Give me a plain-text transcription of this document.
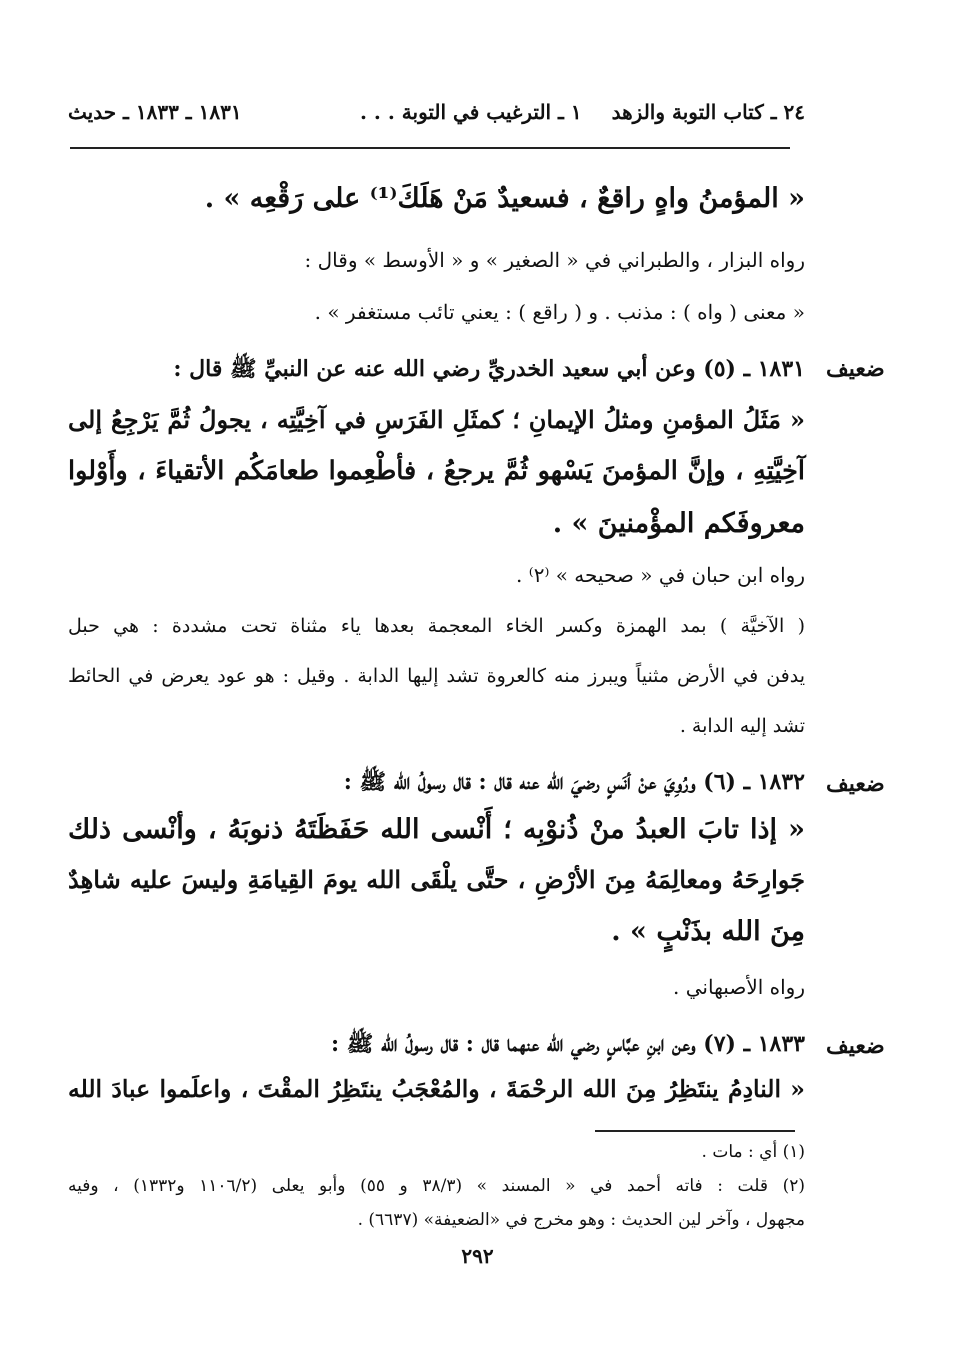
٢٤ ـ كتاب التوبة والزهد
١ ـ الترغيب في التوبة . . .
١٨٣١ ـ ١٨٣٣ ـ حديث
« المؤمنُ واهٍ راقعٌ ، فسعيدٌ مَنْ هَلَكَ⁽¹⁾ على رَقْعِه » .
رواه البزار ، والطبراني في « الصغير » و « الأوسط » وقال :
« معنى ( واه ) : مذنب . و ( راقع ) : يعني تائب مستغفر » .
ضعيف
١٨٣١ ـ (٥) وعن أبي سعيد الخدريِّ رضي الله عنه عن النبيِّ ﷺ قال :
« مَثَلُ المؤمنِ ومثلُ الإيمانِ ؛ كمثَلِ الفَرَسِ في آخِيَّتِه ، يجولُ ثُمَّ يَرْجِعُ إلى
آخِيَّتِهِ ، وإنَّ المؤمنَ يَسْهو ثُمَّ يرجعُ ، فأطْعِموا طعامَكُم الأتقياءَ ، وأَوْلوا
معروفَكم المؤْمنينَ » .
رواه ابن حبان في « صحيحه » ⁽٢⁾ .
( الآخيَّة ) بمد الهمزة وكسر الخاء المعجمة بعدها ياء مثناة تحت مشددة : هي حبل
يدفن في الأرض مثنياً ويبرز منه كالعروة تشد إليها الدابة . وقيل : هو عود يعرض في الحائط
تشد إليه الدابة .
ضعيف
١٨٣٢ ـ (٦) ورُوِيَ عنْ أنَسٍ رضيَ الله عنه قال : قال رسولُ الله ﷺ :
« إذا تابَ العبدُ منْ ذُنوْبِه ؛ أَنْسى الله حَفَظَتَهُ ذنوبَهُ ، وأنْسى ذلك
جَوارِحَهُ ومعالِمَهُ مِنَ الأرْضِ ، حتَّى يلْقَى الله يومَ القِيامَةِ وليسَ عليه شاهِدٌ
مِنَ الله بذَنْبٍ » .
رواه الأصبهاني .
ضعيف
١٨٣٣ ـ (٧) وعن ابنِ عبَّاسٍ رضي الله عنهما قال : قال رسولُ الله ﷺ :
« النادِمُ ينتَظِرُ مِنَ الله الرحْمَةَ ، والمُعْجَبُ ينتَظِرُ المقْتَ ، واعلَموا عبادَ الله
(١) أي : مات .
(٢) قلت : فاته أحمد في « المسند » (٣٨/٣ و ٥٥) وأبو يعلى (١١٠٦/٢ و١٣٣٢) ، وفيه
مجهول ، وآخر لين الحديث : وهو مخرج في «الضعيفة» (٦٦٣٧) .
٢٩٢
